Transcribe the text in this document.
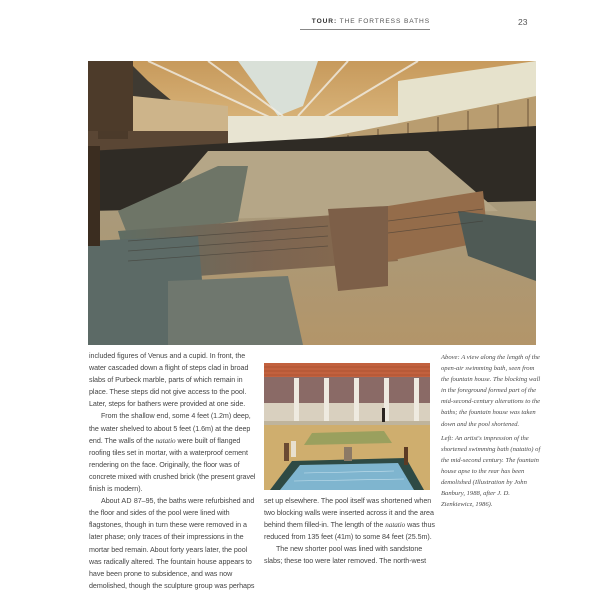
TOUR: THE FORTRESS BATHS	23

included figures of Venus and a cupid. In front, the water cascaded down a flight of steps clad in broad slabs of Purbeck marble, parts of which remain in place. These steps did not give access to the pool. Later, steps for bathers were provided at one side.

From the shallow end, some 4 feet (1.2m) deep, the water shelved to about 5 feet (1.6m) at the deep end. The walls of the natatio were built of flanged roofing tiles set in mortar, with a waterproof cement rendering on the face. Originally, the floor was of concrete mixed with crushed brick (the present gravel finish is modern).

About AD 87–95, the baths were refurbished and the floor and sides of the pool were lined with flagstones, though in turn these were removed in a later phase; only traces of their impressions in the mortar bed remain. About forty years later, the pool was radically altered. The fountain house appears to have been prone to subsidence, and was now demolished, though the sculpture group was perhaps

set up elsewhere. The pool itself was shortened when two blocking walls were inserted across it and the area behind them filled-in. The length of the natatio was thus reduced from 135 feet (41m) to some 84 feet (25.5m).

The new shorter pool was lined with sandstone slabs; these too were later removed. The north-west

Above: A view along the length of the open-air swimming bath, seen from the fountain house. The blocking wall in the foreground formed part of the mid-second-century alterations to the baths; the fountain house was taken down and the pool shortened.

Left: An artist's impression of the shortened swimming bath (natatio) of the mid-second century. The fountain house apse to the rear has been demolished (Illustration by John Banbury, 1988, after J. D. Zienkiewicz, 1986).
